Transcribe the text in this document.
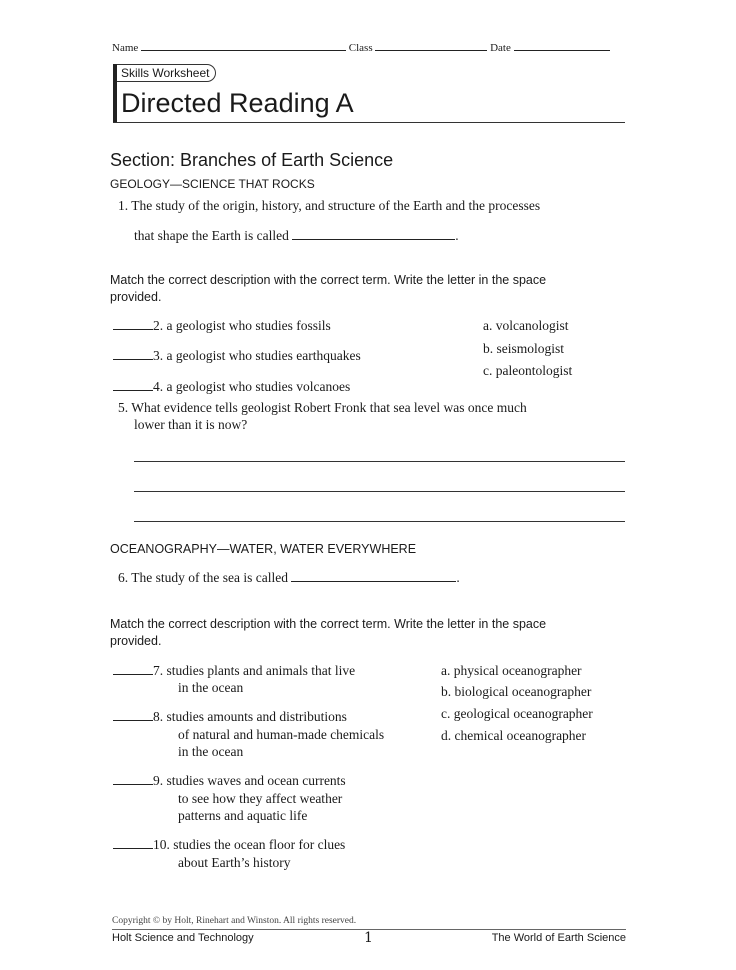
Name	Class	Date
Skills Worksheet
Directed Reading A
Section: Branches of Earth Science
GEOLOGY—SCIENCE THAT ROCKS
1. The study of the origin, history, and structure of the Earth and the processes
that shape the Earth is called	.
Match the correct description with the correct term. Write the letter in the space
provided.
2. a geologist who studies fossils
3. a geologist who studies earthquakes
4. a geologist who studies volcanoes
a. volcanologist
b. seismologist
c. paleontologist
5. What evidence tells geologist Robert Fronk that sea level was once much
lower than it is now?
OCEANOGRAPHY—WATER, WATER EVERYWHERE
6. The study of the sea is called	.
Match the correct description with the correct term. Write the letter in the space
provided.
7. studies plants and animals that live
in the ocean
8. studies amounts and distributions
of natural and human-made chemicals
in the ocean
9. studies waves and ocean currents
to see how they affect weather
patterns and aquatic life
10. studies the ocean floor for clues
about Earth’s history
a. physical oceanographer
b. biological oceanographer
c. geological oceanographer
d. chemical oceanographer
Copyright © by Holt, Rinehart and Winston. All rights reserved.
Holt Science and Technology	1	The World of Earth Science
